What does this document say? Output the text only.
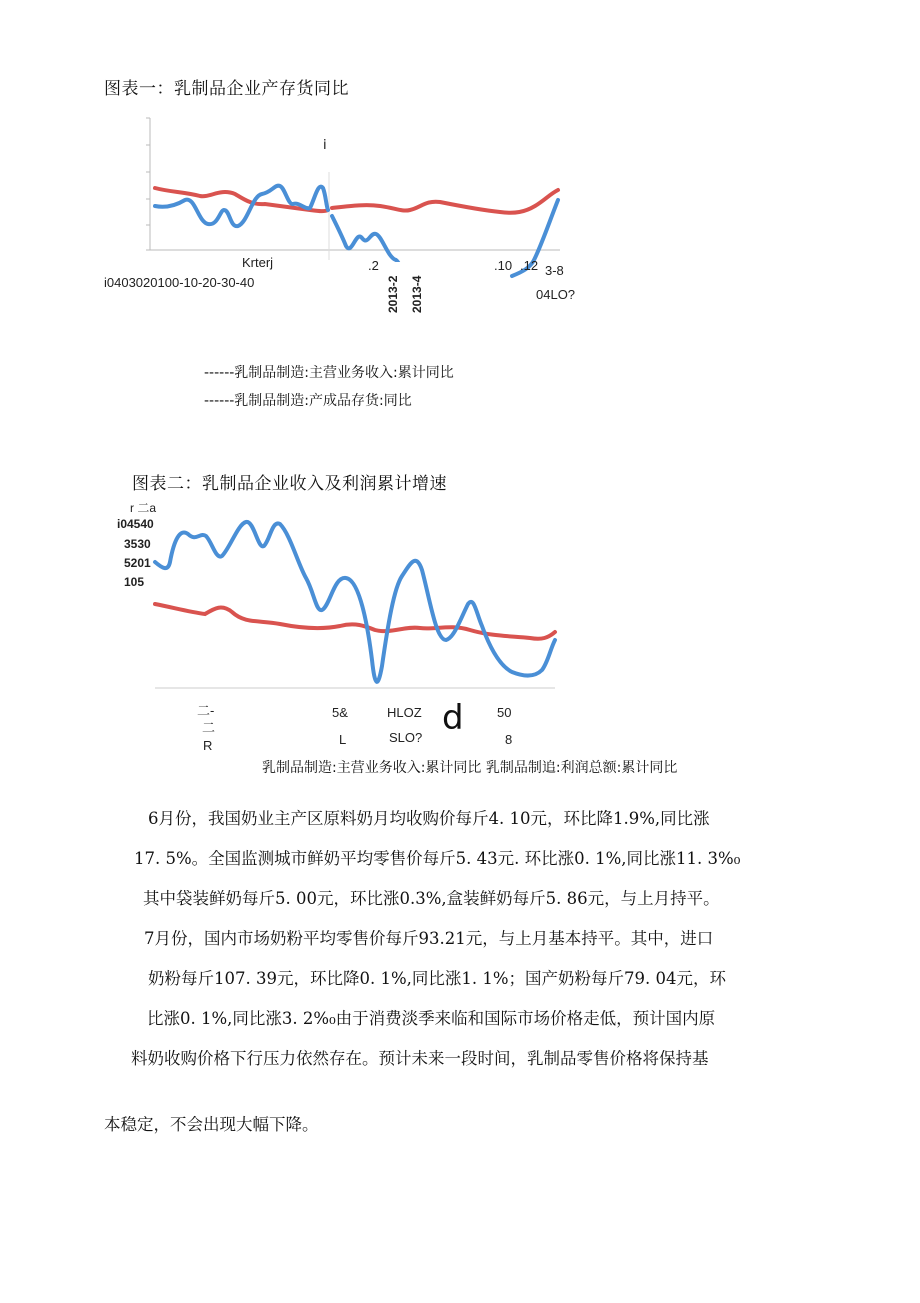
图表一：乳制品企业产存货同比
i
Krterj
i0403020100-10-20-30-40	2013-2 2013-4
.2	.10 .12 3-8
04LO?
------乳制品制造:主营业务收入:累计同比
------乳制品制造:产成品存货:同比
图表二：乳制品企业收入及利润累计增速
r 二a
i04540
3530
5201
105
二-
二
R
5&
L
HLOZ
SLO? d	50
8
乳制品制造:主营业务收入:累计同比 乳制品制追:利润总额:累计同比
6月份，我国奶业主产区原料奶月均收购价每斤4. 10元，环比降1.9%,同比涨
17. 5%。全国监测城市鲜奶平均零售价每斤5. 43元. 环比涨0. 1%,同比涨11. 3%₀
其中袋装鲜奶每斤5. 00元，环比涨0.3%,盒装鲜奶每斤5. 86元，与上月持平。
7月份，国内市场奶粉平均零售价每斤93.21元，与上月基本持平。其中，进口
奶粉每斤107. 39元，环比降0. 1%,同比涨1. 1%；国产奶粉每斤79. 04元，环
比涨0. 1%,同比涨3. 2%₀由于消费淡季来临和国际市场价格走低，预计国内原
料奶收购价格下行压力依然存在。预计未来一段时间，乳制品零售价格将保持基
本稳定，不会出现大幅下降。
